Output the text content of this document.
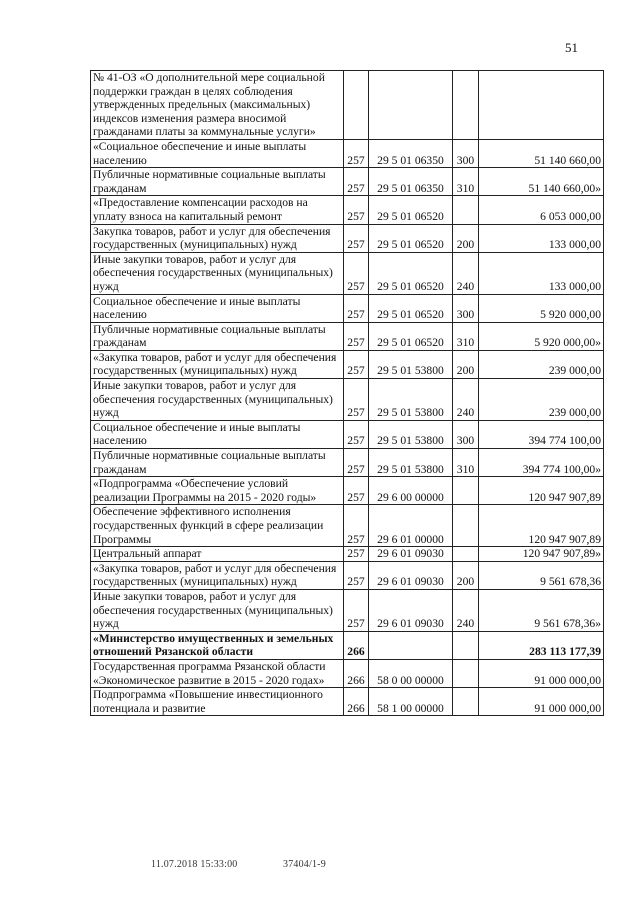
51
№ 41-ОЗ «О дополнительной мере социальной поддержки граждан в целях соблюдения утвержденных предельных (максимальных) индексов изменения размера вносимой гражданами платы за коммунальные услуги»				
«Социальное обеспечение и иные выплаты населению	257	29 5 01 06350	300	51 140 660,00
Публичные нормативные социальные выплаты гражданам	257	29 5 01 06350	310	51 140 660,00»
«Предоставление компенсации расходов на уплату взноса на капитальный ремонт	257	29 5 01 06520		6 053 000,00
Закупка товаров, работ и услуг для обеспечения государственных (муниципальных) нужд	257	29 5 01 06520	200	133 000,00
Иные закупки товаров, работ и услуг для обеспечения государственных (муниципальных) нужд	257	29 5 01 06520	240	133 000,00
Социальное обеспечение и иные выплаты населению	257	29 5 01 06520	300	5 920 000,00
Публичные нормативные социальные выплаты гражданам	257	29 5 01 06520	310	5 920 000,00»
«Закупка товаров, работ и услуг для обеспечения государственных (муниципальных) нужд	257	29 5 01 53800	200	239 000,00
Иные закупки товаров, работ и услуг для обеспечения государственных (муниципальных) нужд	257	29 5 01 53800	240	239 000,00
Социальное обеспечение и иные выплаты населению	257	29 5 01 53800	300	394 774 100,00
Публичные нормативные социальные выплаты гражданам	257	29 5 01 53800	310	394 774 100,00»
«Подпрограмма «Обеспечение условий реализации Программы на 2015 - 2020 годы»	257	29 6 00 00000		120 947 907,89
Обеспечение эффективного исполнения государственных функций в сфере реализации Программы	257	29 6 01 00000		120 947 907,89
Центральный аппарат	257	29 6 01 09030		120 947 907,89»
«Закупка товаров, работ и услуг для обеспечения государственных (муниципальных) нужд	257	29 6 01 09030	200	9 561 678,36
Иные закупки товаров, работ и услуг для обеспечения государственных (муниципальных) нужд	257	29 6 01 09030	240	9 561 678,36»
«Министерство имущественных и земельных отношений Рязанской области	266			283 113 177,39
Государственная программа Рязанской области «Экономическое развитие в 2015 - 2020 годах»	266	58 0 00 00000		91 000 000,00
Подпрограмма «Повышение инвестиционного потенциала и развитие	266	58 1 00 00000		91 000 000,00
11.07.2018 15:33:00	37404/1-9
